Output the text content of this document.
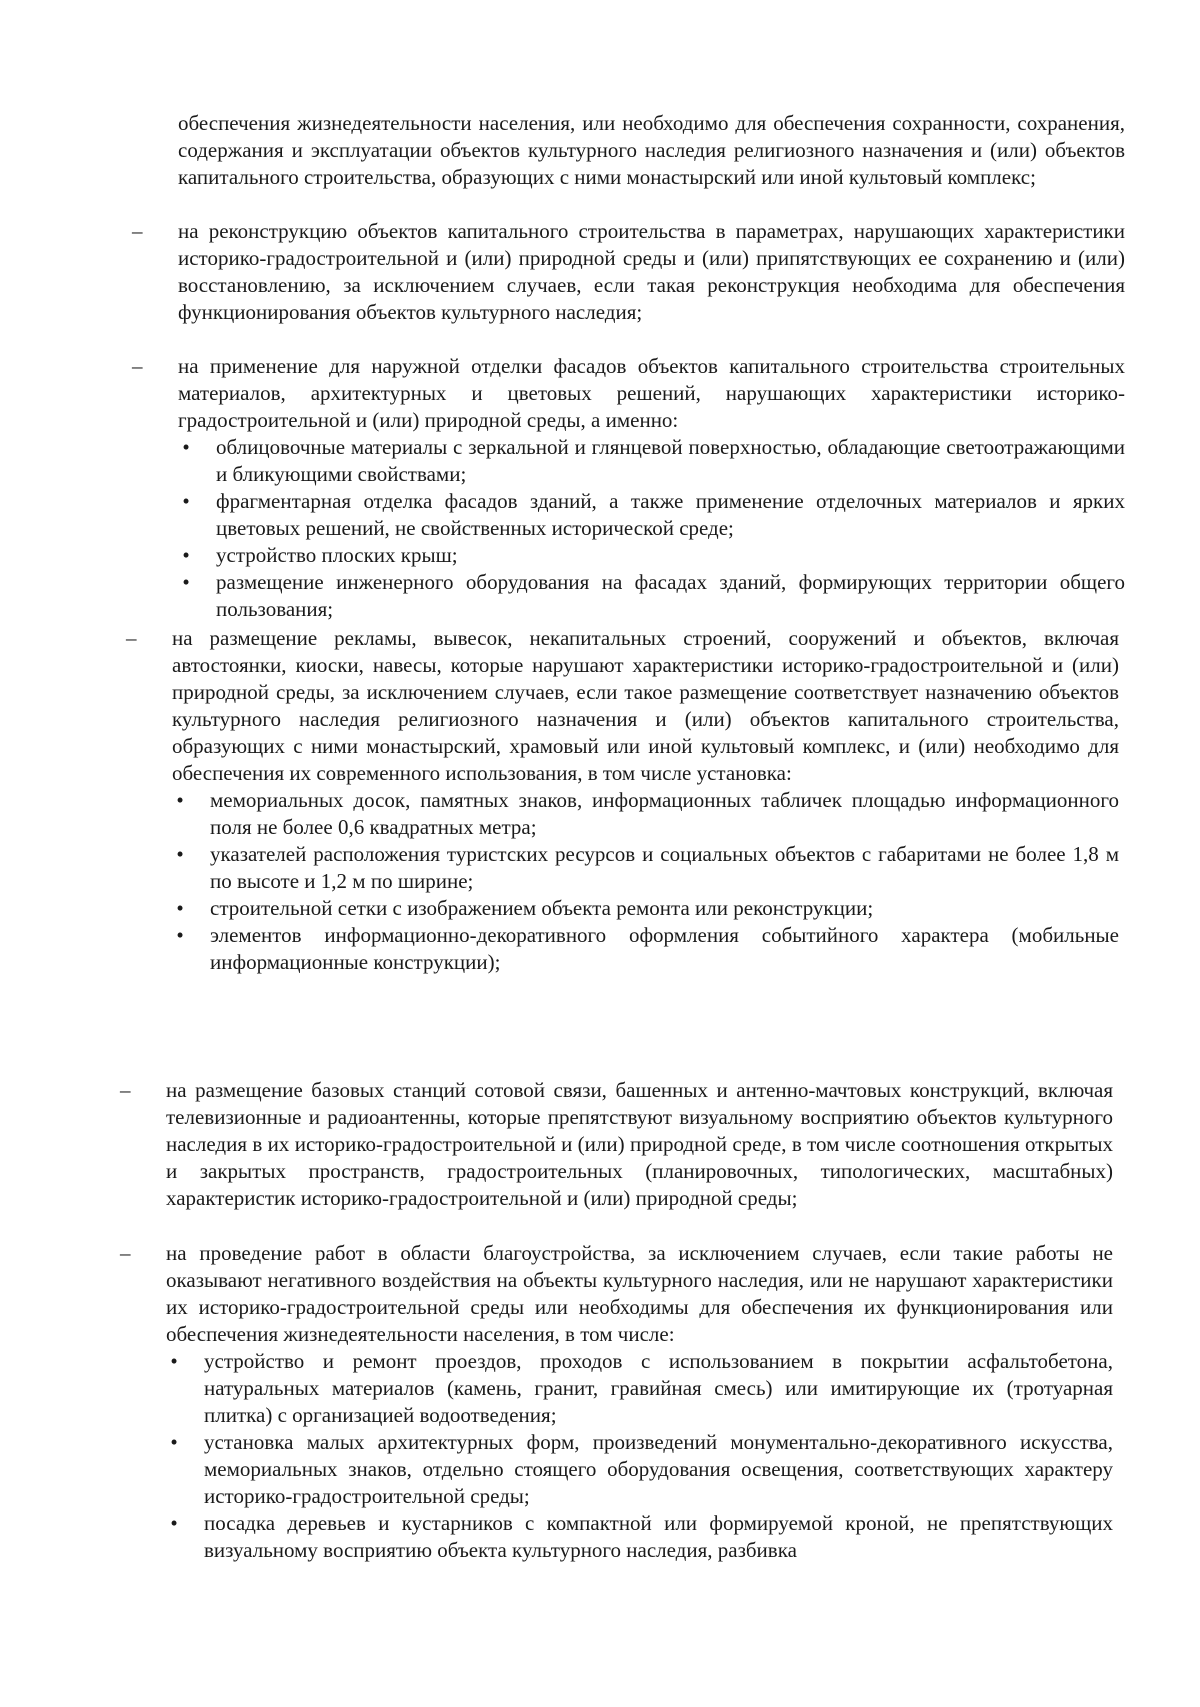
обеспечения жизнедеятельности населения, или необходимо для обеспечения сохранности, сохранения, содержания и эксплуатации объектов культурного наследия религиозного назначения и (или) объектов капитального строительства, образующих с ними монастырский или иной культовый комплекс;

–	на реконструкцию объектов капитального строительства в параметрах, нарушающих характеристики историко-градостроительной и (или) природной среды и (или) припятствующих ее сохранению и (или) восстановлению, за исключением случаев, если такая реконструкция необходима для обеспечения функционирования объектов культурного наследия;

–	на применение для наружной отделки фасадов объектов капитального строительства строительных материалов, архитектурных и цветовых решений, нарушающих характеристики историко-градостроительной и (или) природной среды, а именно:

• облицовочные материалы с зеркальной и глянцевой поверхностью, обладающие светоотражающими и бликующими свойствами;
• фрагментарная отделка фасадов зданий, а также применение отделочных материалов и ярких цветовых решений, не свойственных исторической среде;
• устройство плоских крыш;
• размещение инженерного оборудования на фасадах зданий, формирующих территории общего пользования;

–	на размещение рекламы, вывесок, некапитальных строений, сооружений и объектов, включая автостоянки, киоски, навесы, которые нарушают характеристики историко-градостроительной и (или) природной среды, за исключением случаев, если такое размещение соответствует назначению объектов культурного наследия религиозного назначения и (или) объектов капитального строительства, образующих с ними монастырский, храмовый или иной культовый комплекс, и (или) необходимо для обеспечения их современного использования, в том числе установка:

• мемориальных досок, памятных знаков, информационных табличек площадью информационного поля не более 0,6 квадратных метра;
• указателей расположения туристских ресурсов и социальных объектов с габаритами не более 1,8 м по высоте и 1,2 м по ширине;
• строительной сетки с изображением объекта ремонта или реконструкции;
• элементов информационно-декоративного оформления событийного характера (мобильные информационные конструкции);

–	на размещение базовых станций сотовой связи, башенных и антенно-мачтовых конструкций, включая телевизионные и радиоантенны, которые препятствуют визуальному восприятию объектов культурного наследия в их историко-градостроительной и (или) природной среде, в том числе соотношения открытых и закрытых пространств, градостроительных (планировочных, типологических, масштабных) характеристик историко-градостроительной и (или) природной среды;

–	на проведение работ в области благоустройства, за исключением случаев, если такие работы не оказывают негативного воздействия на объекты культурного наследия, или не нарушают характеристики их историко-градостроительной среды или необходимы для обеспечения их функционирования или обеспечения жизнедеятельности населения, в том числе:

• устройство и ремонт проездов, проходов с использованием в покрытии асфальтобетона, натуральных материалов (камень, гранит, гравийная смесь) или имитирующие их (тротуарная плитка) с организацией водоотведения;
• установка малых архитектурных форм, произведений монументально-декоративного искусства, мемориальных знаков, отдельно стоящего оборудования освещения, соответствующих характеру историко-градостроительной среды;
• посадка деревьев и кустарников с компактной или формируемой кроной, не препятствующих визуальному восприятию объекта культурного наследия, разбивка
